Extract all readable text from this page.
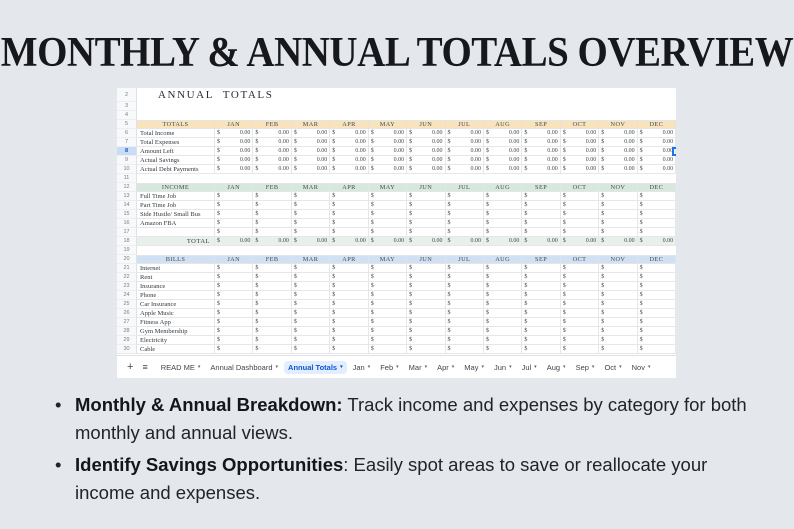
MONTHLY & ANNUAL TOTALS OVERVIEW
2	ANNUAL TOTALS
3
4
5	TOTALS	JAN	FEB	MAR	APR	MAY	JUN	JUL	AUG	SEP	OCT	NOV	DEC
6	Total Income	$	0.00 $	0.00 $	0.00 $	0.00 $	0.00 $	0.00 $	0.00 $	0.00 $	0.00 $	0.00 $	0.00 $	0.00
7	Total Expenses	$	0.00 $	0.00 $	0.00 $	0.00 $	0.00 $	0.00 $	0.00 $	0.00 $	0.00 $	0.00 $	0.00 $	0.00
8	Amount Left	$	0.00 $	0.00 $	0.00 $	0.00 $	0.00 $	0.00 $	0.00 $	0.00 $	0.00 $	0.00 $	0.00 $	0.00
9	Actual Savings	$	0.00 $	0.00 $	0.00 $	0.00 $	0.00 $	0.00 $	0.00 $	0.00 $	0.00 $	0.00 $	0.00 $	0.00
10	Actual Debt Payments	$	0.00 $	0.00 $	0.00 $	0.00 $	0.00 $	0.00 $	0.00 $	0.00 $	0.00 $	0.00 $	0.00 $	0.00
11
12	INCOME	JAN	FEB	MAR	APR	MAY	JUN	JUL	AUG	SEP	OCT	NOV	DEC
13	Full Time Job	$	$	$	$	$	$	$	$	$	$	$	$
14	Part Time Job	$	$	$	$	$	$	$	$	$	$	$	$
15	Side Hustle/ Small Bus	$	$	$	$	$	$	$	$	$	$	$	$
16	Amazon FBA	$	$	$	$	$	$	$	$	$	$	$	$
17	$	$	$	$	$	$	$	$	$	$	$	$
18	TOTAL	$	0.00 $	0.00 $	0.00 $	0.00 $	0.00 $	0.00 $	0.00 $	0.00 $	0.00 $	0.00 $	0.00 $	0.00
19
20	BILLS	JAN	FEB	MAR	APR	MAY	JUN	JUL	AUG	SEP	OCT	NOV	DEC
21	Internet	$	$	$	$	$	$	$	$	$	$	$	$
22	Rent	$	$	$	$	$	$	$	$	$	$	$	$
23	Insurance	$	$	$	$	$	$	$	$	$	$	$	$
24	Phone	$	$	$	$	$	$	$	$	$	$	$	$
25	Car Insurance	$	$	$	$	$	$	$	$	$	$	$	$
26	Apple Music	$	$	$	$	$	$	$	$	$	$	$	$
27	Fitness App	$	$	$	$	$	$	$	$	$	$	$	$
28	Gym Membership	$	$	$	$	$	$	$	$	$	$	$	$
29	Electricity	$	$	$	$	$	$	$	$	$	$	$	$
30	Cable	$	$	$	$	$	$	$	$	$	$	$	$
+ ≡ READ ME ▾ Annual Dashboard ▾ Annual Totals ▾ Jan ▾ Feb ▾ Mar ▾ Apr ▾ May ▾ Jun ▾ Jul ▾ Aug ▾ Sep ▾ Oct ▾ Nov ▾
• Monthly & Annual Breakdown: Track income and expenses by category for both monthly and annual views.
• Identify Savings Opportunities: Easily spot areas to save or reallocate your income and expenses.
